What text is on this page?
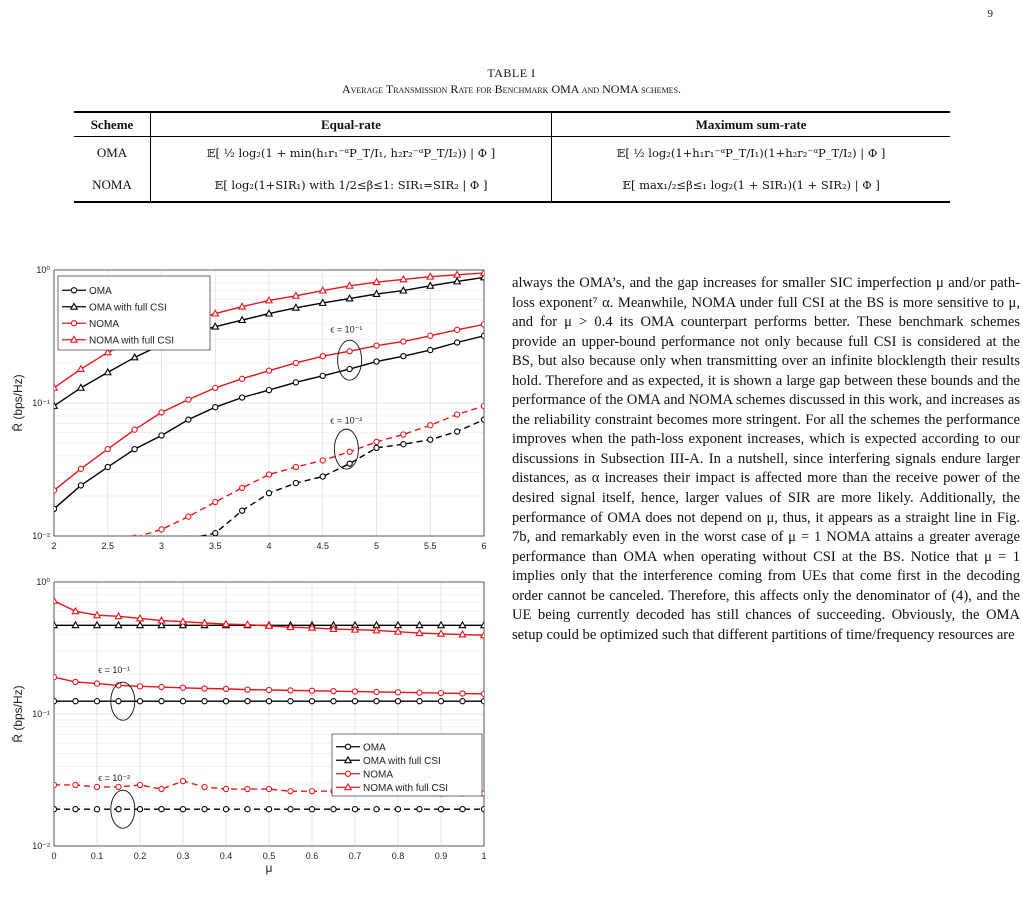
9
TABLE I
Average Transmission Rate for Benchmark OMA and NOMA schemes.
Scheme	Equal-rate	Maximum sum-rate
OMA	𝔼[ ½ log₂(1 + min(h₁r₁⁻ᵅP_T/I₁, h₂r₂⁻ᵅP_T/I₂)) | Φ ]	𝔼[ ½ log₂(1+h₁r₁⁻ᵅP_T/I₁)(1+h₂r₂⁻ᵅP_T/I₂) | Φ ]
NOMA	𝔼[ log₂(1+SIR₁) with 1/2≤β≤1: SIR₁=SIR₂ | Φ ]	𝔼[ max₁/₂≤β≤₁ log₂(1 + SIR₁)(1 + SIR₂) | Φ ]
2	2.5	3	3.5	4	4.5	5	5.5	6
10⁻²
10⁻¹
10⁰
R̄ (bps/Hz)
ϵ = 10⁻¹
ϵ = 10⁻²
OMA
OMA with full CSI
NOMA
NOMA with full CSI
0	0.1	0.2	0.3	0.4	0.5	0.6	0.7	0.8	0.9	1
10⁻²
10⁻¹
10⁰
R̄ (bps/Hz)
μ
ϵ = 10⁻¹
ϵ = 10⁻²
OMA
OMA with full CSI
NOMA
NOMA with full CSI

always the OMA’s, and the gap increases for smaller SIC imperfection μ and/or path-loss exponent⁷ α. Meanwhile, NOMA under full CSI at the BS is more sensitive to μ, and for μ > 0.4 its OMA counterpart performs better. These benchmark schemes provide an upper-bound performance not only because full CSI is considered at the BS, but also because only when transmitting over an infinite blocklength their results hold. Therefore and as expected, it is shown a large gap between these bounds and the performance of the OMA and NOMA schemes discussed in this work, and increases as the reliability constraint becomes more stringent. For all the schemes the performance improves when the path-loss exponent increases, which is expected according to our discussions in Subsection III-A. In a nutshell, since interfering signals endure larger distances, as α increases their impact is affected more than the receive power of the desired signal itself, hence, larger values of SIR are more likely. Additionally, the performance of OMA does not depend on μ, thus, it appears as a straight line in Fig. 7b, and remarkably even in the worst case of μ = 1 NOMA attains a greater average performance than OMA when operating without CSI at the BS. Notice that μ = 1 implies only that the interference coming from UEs that come first in the decoding order cannot be canceled. Therefore, this affects only the denominator of (4), and the UE being currently decoded has still chances of succeeding. Obviously, the OMA setup could be optimized such that different partitions of time/frequency resources are
